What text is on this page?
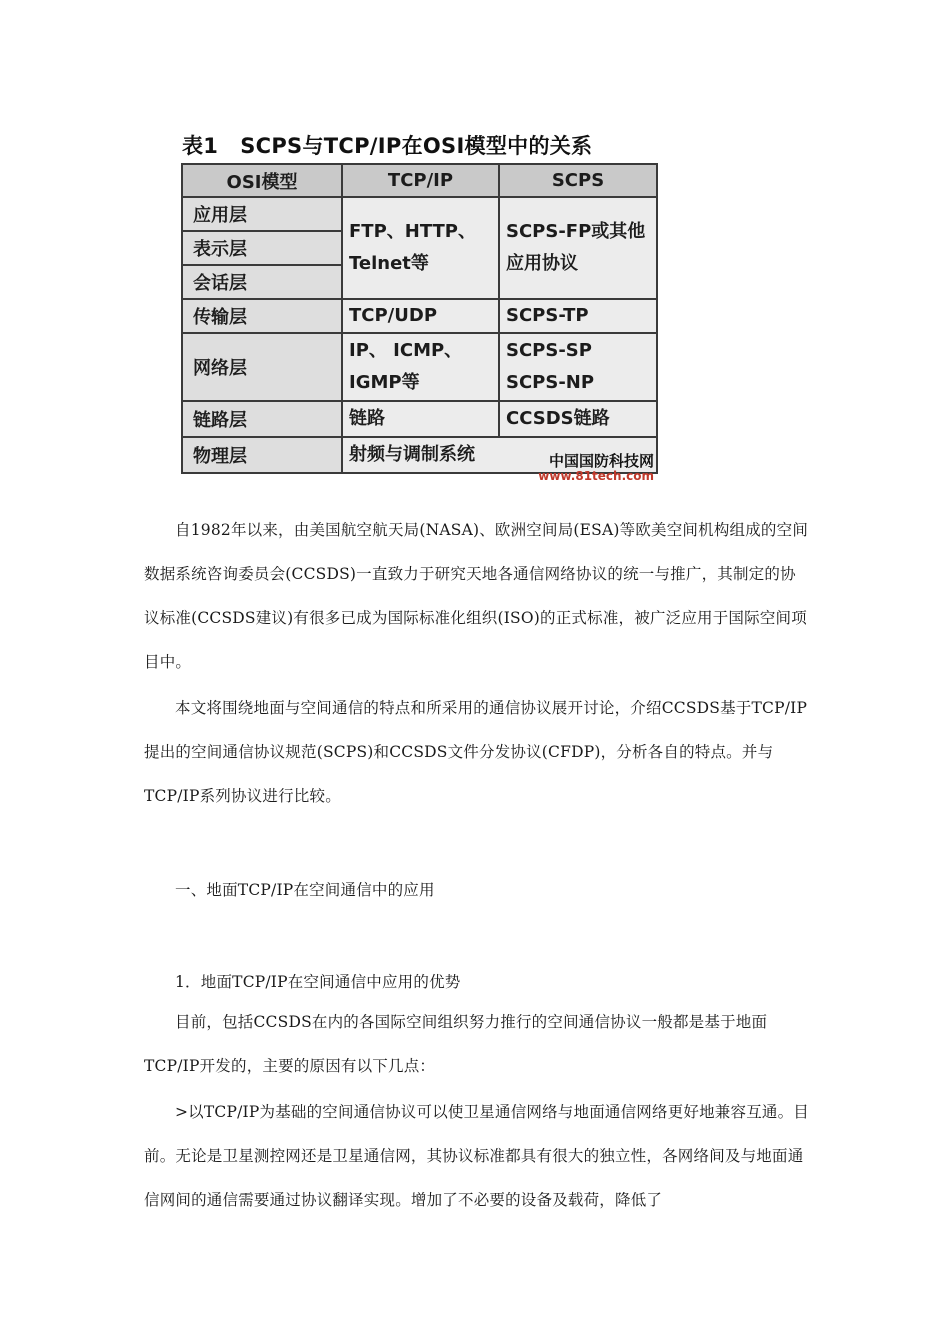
表1 SCPS与TCP/IP在OSI模型中的关系
OSI模型	TCP/IP	SCPS
应用层	FTP、HTTP、Telnet等	SCPS-FP或其他应用协议
表示层		
会话层		
传输层	TCP/UDP	SCPS-TP
网络层	IP、 ICMP、IGMP等	SCPS-SP
SCPS-NP

链路层	链路	CCSDS链路
物理层	射频与调制系统		中国国防科技网
www.81tech.com

自1982年以来，由美国航空航天局(NASA)、欧洲空间局(ESA)等欧美空间机构组成的空间数据系统咨询委员会(CCSDS)一直致力于研究天地各通信网络协议的统一与推广，其制定的协议标准(CCSDS建议)有很多已成为国际标准化组织(ISO)的正式标准，被广泛应用于国际空间项目中。

本文将围绕地面与空间通信的特点和所采用的通信协议展开讨论，介绍CCSDS基于TCP/IP提出的空间通信协议规范(SCPS)和CCSDS文件分发协议(CFDP)，分析各自的特点。并与TCP/IP系列协议进行比较。

一、地面TCP/IP在空间通信中的应用

1．地面TCP/IP在空间通信中应用的优势

目前，包括CCSDS在内的各国际空间组织努力推行的空间通信协议一般都是基于地面TCP/IP开发的，主要的原因有以下几点：

>以TCP/IP为基础的空间通信协议可以使卫星通信网络与地面通信网络更好地兼容互通。目前。无论是卫星测控网还是卫星通信网，其协议标准都具有很大的独立性，各网络间及与地面通信网间的通信需要通过协议翻译实现。增加了不必要的设备及载荷，降低了
